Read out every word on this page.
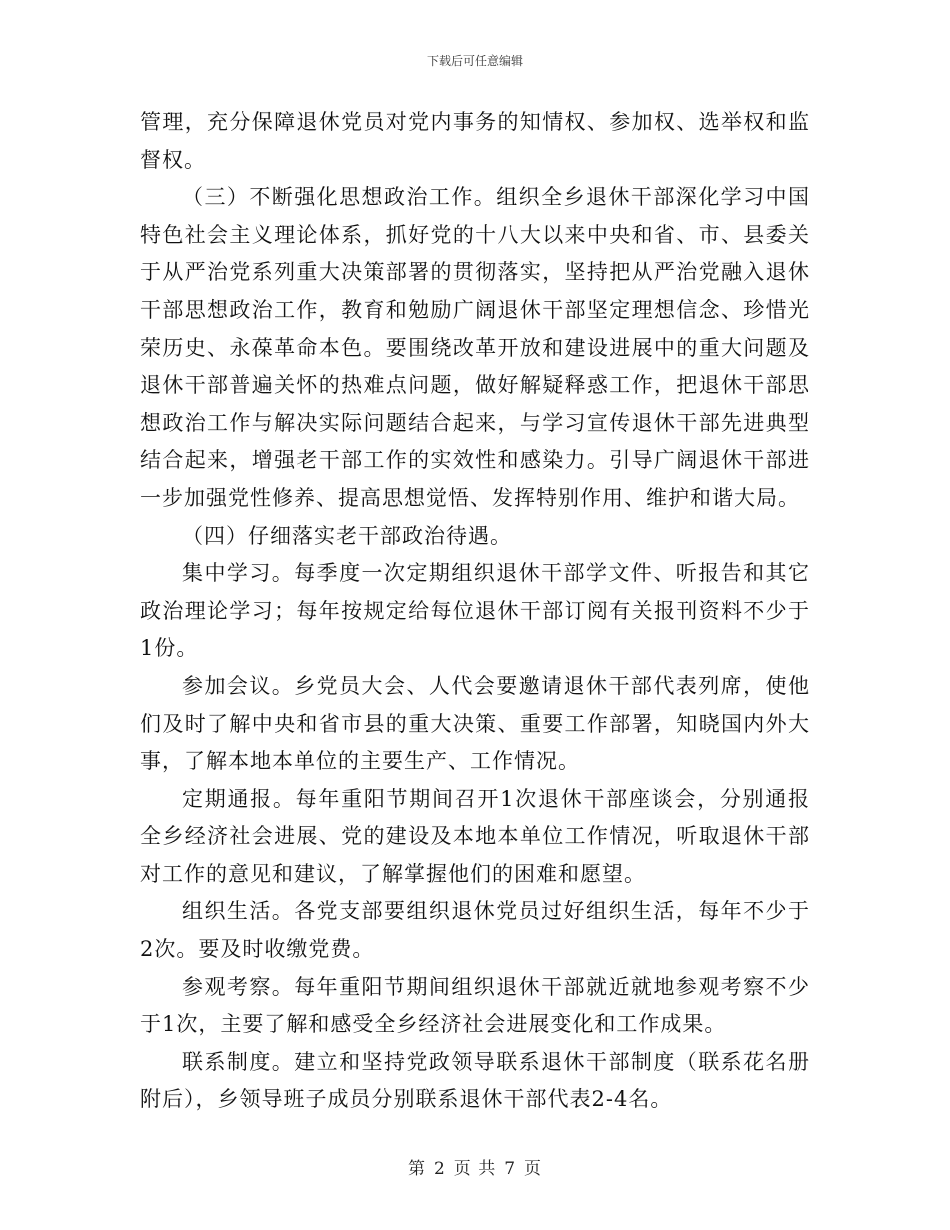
下载后可任意编辑

管理，充分保障退休党员对党内事务的知情权、参加权、选举权和监督权。

（三）不断强化思想政治工作。组织全乡退休干部深化学习中国特色社会主义理论体系，抓好党的十八大以来中央和省、市、县委关于从严治党系列重大决策部署的贯彻落实，坚持把从严治党融入退休干部思想政治工作，教育和勉励广阔退休干部坚定理想信念、珍惜光荣历史、永葆革命本色。要围绕改革开放和建设进展中的重大问题及退休干部普遍关怀的热难点问题，做好解疑释惑工作，把退休干部思想政治工作与解决实际问题结合起来，与学习宣传退休干部先进典型结合起来，增强老干部工作的实效性和感染力。引导广阔退休干部进一步加强党性修养、提高思想觉悟、发挥特别作用、维护和谐大局。

（四）仔细落实老干部政治待遇。

集中学习。每季度一次定期组织退休干部学文件、听报告和其它政治理论学习；每年按规定给每位退休干部订阅有关报刊资料不少于1份。

参加会议。乡党员大会、人代会要邀请退休干部代表列席，使他们及时了解中央和省市县的重大决策、重要工作部署，知晓国内外大事，了解本地本单位的主要生产、工作情况。

定期通报。每年重阳节期间召开1次退休干部座谈会，分别通报全乡经济社会进展、党的建设及本地本单位工作情况，听取退休干部对工作的意见和建议，了解掌握他们的困难和愿望。

组织生活。各党支部要组织退休党员过好组织生活，每年不少于2次。要及时收缴党费。

参观考察。每年重阳节期间组织退休干部就近就地参观考察不少于1次，主要了解和感受全乡经济社会进展变化和工作成果。

联系制度。建立和坚持党政领导联系退休干部制度（联系花名册附后），乡领导班子成员分别联系退休干部代表2-4名。

第 2 页 共 7 页
